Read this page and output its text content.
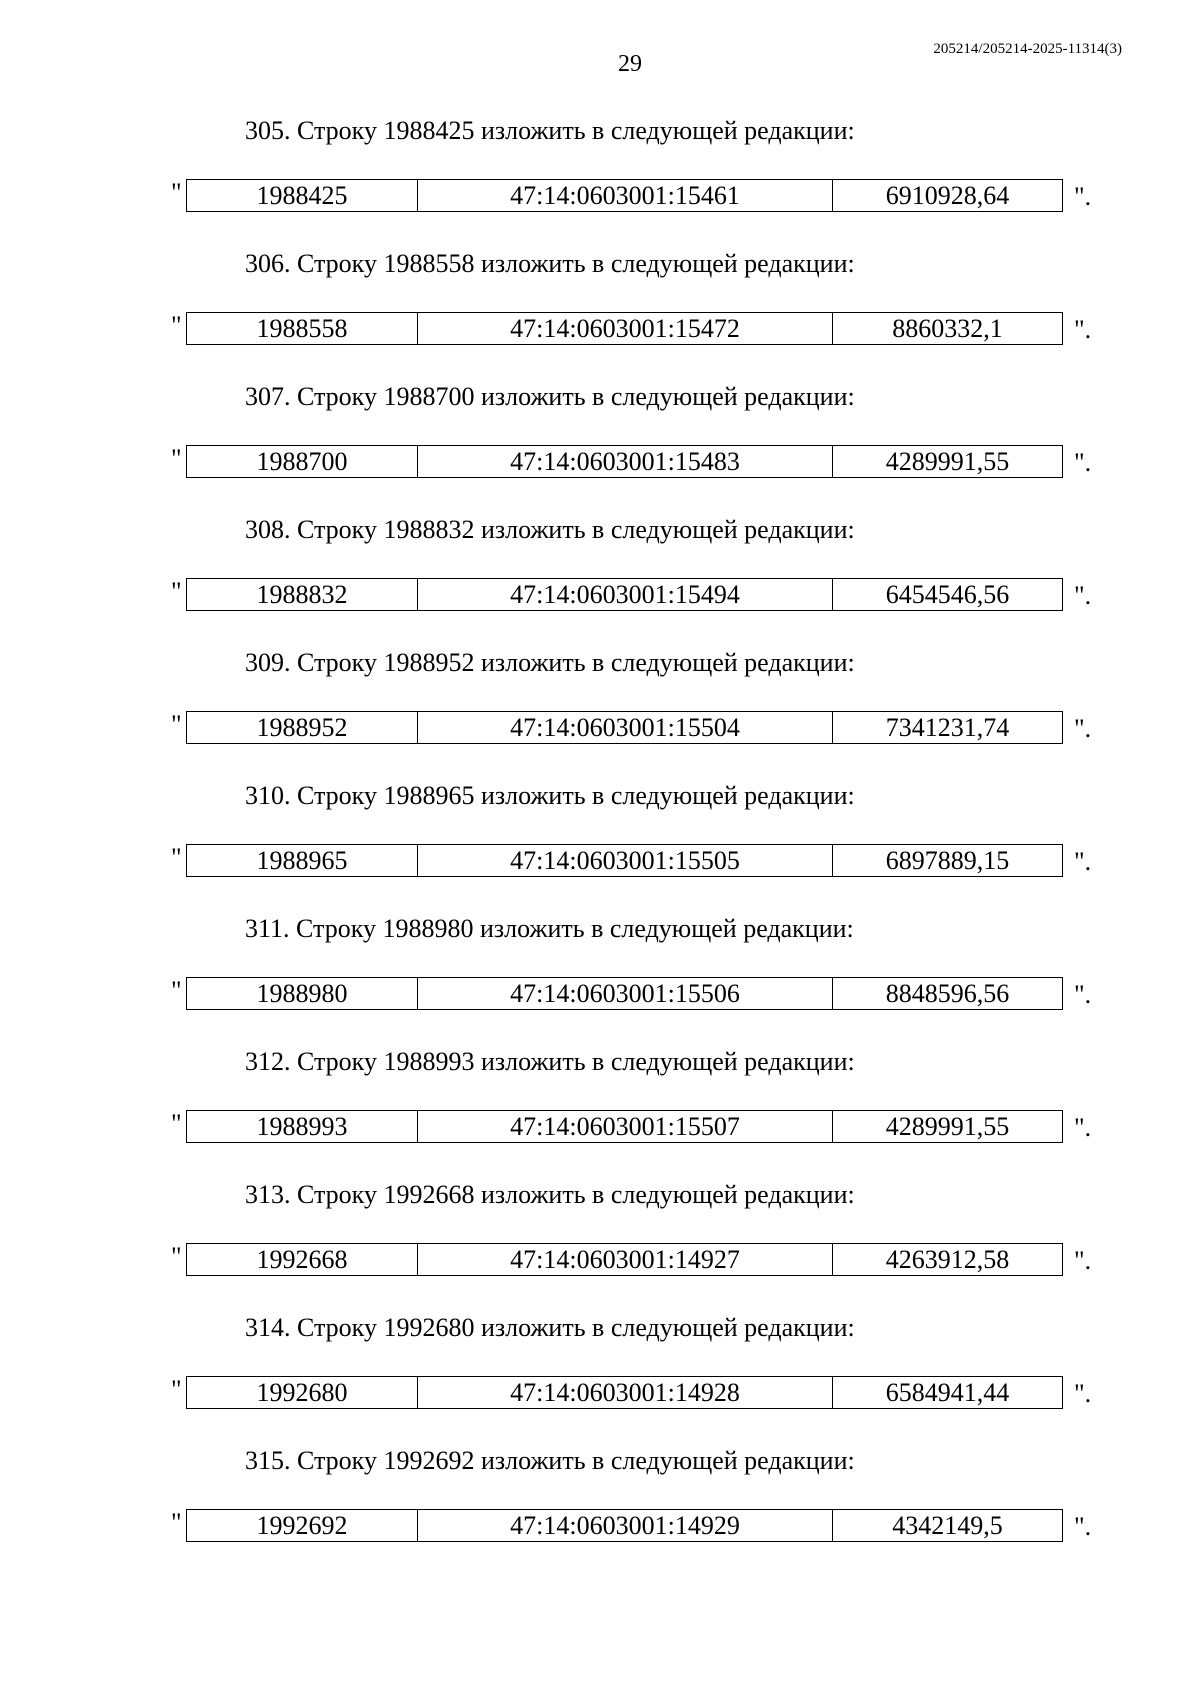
29
205214/205214-2025-11314(3)
305. Строку 1988425 изложить в следующей редакции:
"	1988425	47:14:0603001:15461	6910928,64	".
306. Строку 1988558 изложить в следующей редакции:
"	1988558	47:14:0603001:15472	8860332,1	".
307. Строку 1988700 изложить в следующей редакции:
"	1988700	47:14:0603001:15483	4289991,55	".
308. Строку 1988832 изложить в следующей редакции:
"	1988832	47:14:0603001:15494	6454546,56	".
309. Строку 1988952 изложить в следующей редакции:
"	1988952	47:14:0603001:15504	7341231,74	".
310. Строку 1988965 изложить в следующей редакции:
"	1988965	47:14:0603001:15505	6897889,15	".
311. Строку 1988980 изложить в следующей редакции:
"	1988980	47:14:0603001:15506	8848596,56	".
312. Строку 1988993 изложить в следующей редакции:
"	1988993	47:14:0603001:15507	4289991,55	".
313. Строку 1992668 изложить в следующей редакции:
"	1992668	47:14:0603001:14927	4263912,58	".
314. Строку 1992680 изложить в следующей редакции:
"	1992680	47:14:0603001:14928	6584941,44	".
315. Строку 1992692 изложить в следующей редакции:
"	1992692	47:14:0603001:14929	4342149,5	".
